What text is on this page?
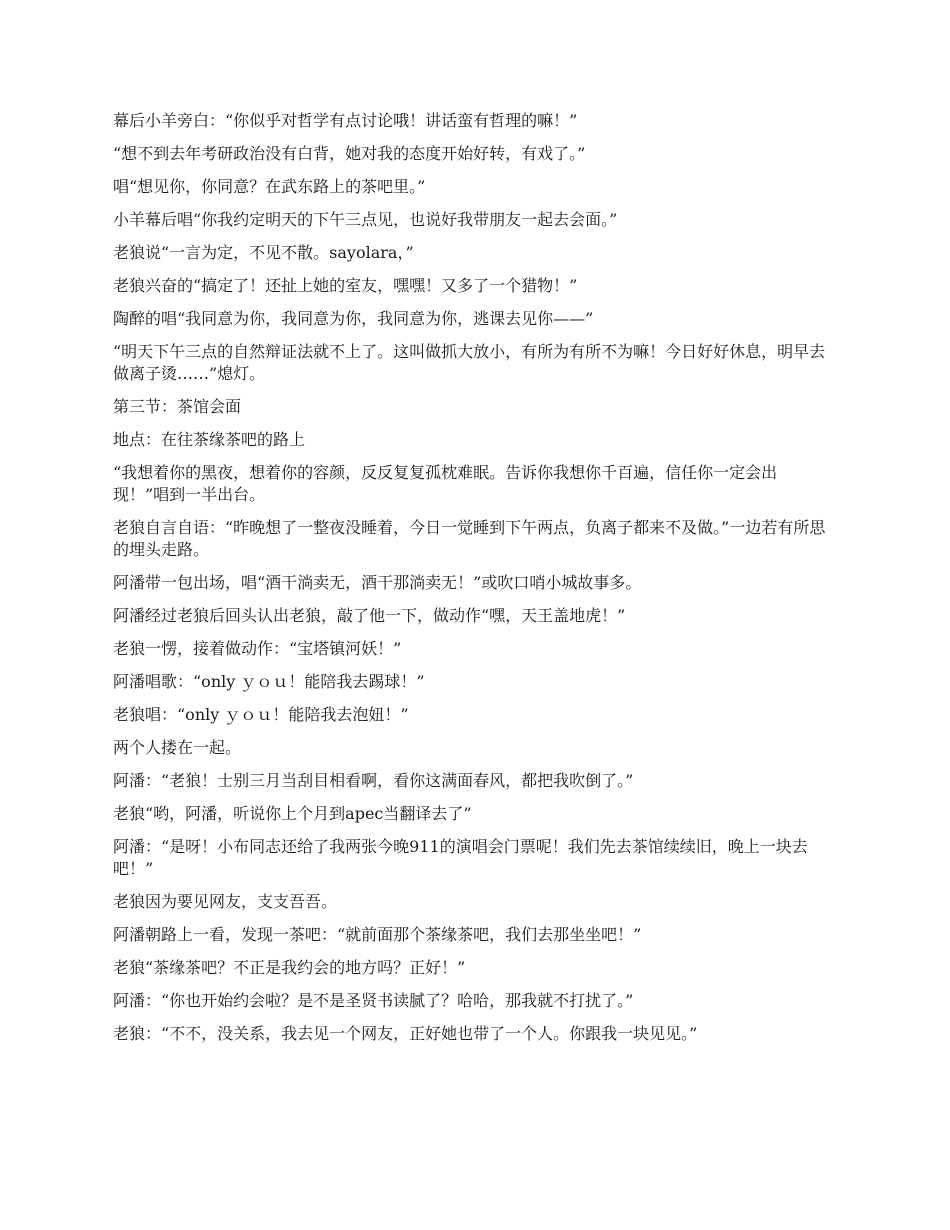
幕后小羊旁白：“你似乎对哲学有点讨论哦！讲话蛮有哲理的嘛！”

“想不到去年考研政治没有白背，她对我的态度开始好转，有戏了。”

唱“想见你，你同意？在武东路上的茶吧里。”

小羊幕后唱“你我约定明天的下午三点见，也说好我带朋友一起去会面。”

老狼说“一言为定，不见不散。sayolara，”

老狼兴奋的“搞定了！还扯上她的室友，嘿嘿！又多了一个猎物！”

陶醉的唱“我同意为你，我同意为你，我同意为你，逃课去见你——”

“明天下午三点的自然辩证法就不上了。这叫做抓大放小，有所为有所不为嘛！今日好好休息，明早去做离子烫……”熄灯。

第三节：茶馆会面

地点：在往茶缘茶吧的路上

“我想着你的黑夜，想着你的容颜，反反复复孤枕难眠。告诉你我想你千百遍，信任你一定会出现！”唱到一半出台。

老狼自言自语：“昨晚想了一整夜没睡着，今日一觉睡到下午两点，负离子都来不及做。”一边若有所思的埋头走路。

阿潘带一包出场，唱“酒干淌卖无，酒干那淌卖无！”或吹口哨小城故事多。

阿潘经过老狼后回头认出老狼，敲了他一下，做动作“嘿，天王盖地虎！”

老狼一愣，接着做动作：“宝塔镇河妖！”

阿潘唱歌：“only ｙｏｕ！能陪我去踢球！”

老狼唱：“only ｙｏｕ！能陪我去泡妞！”

两个人搂在一起。

阿潘：“老狼！士别三月当刮目相看啊，看你这满面春风，都把我吹倒了。”

老狼“哟，阿潘，听说你上个月到apec当翻译去了”

阿潘：“是呀！小布同志还给了我两张今晚911的演唱会门票呢！我们先去茶馆续续旧，晚上一块去吧！”

老狼因为要见网友，支支吾吾。

阿潘朝路上一看，发现一茶吧：“就前面那个茶缘茶吧，我们去那坐坐吧！”

老狼“茶缘茶吧？不正是我约会的地方吗？正好！”

阿潘：“你也开始约会啦？是不是圣贤书读腻了？哈哈，那我就不打扰了。”

老狼：“不不，没关系，我去见一个网友，正好她也带了一个人。你跟我一块见见。”
